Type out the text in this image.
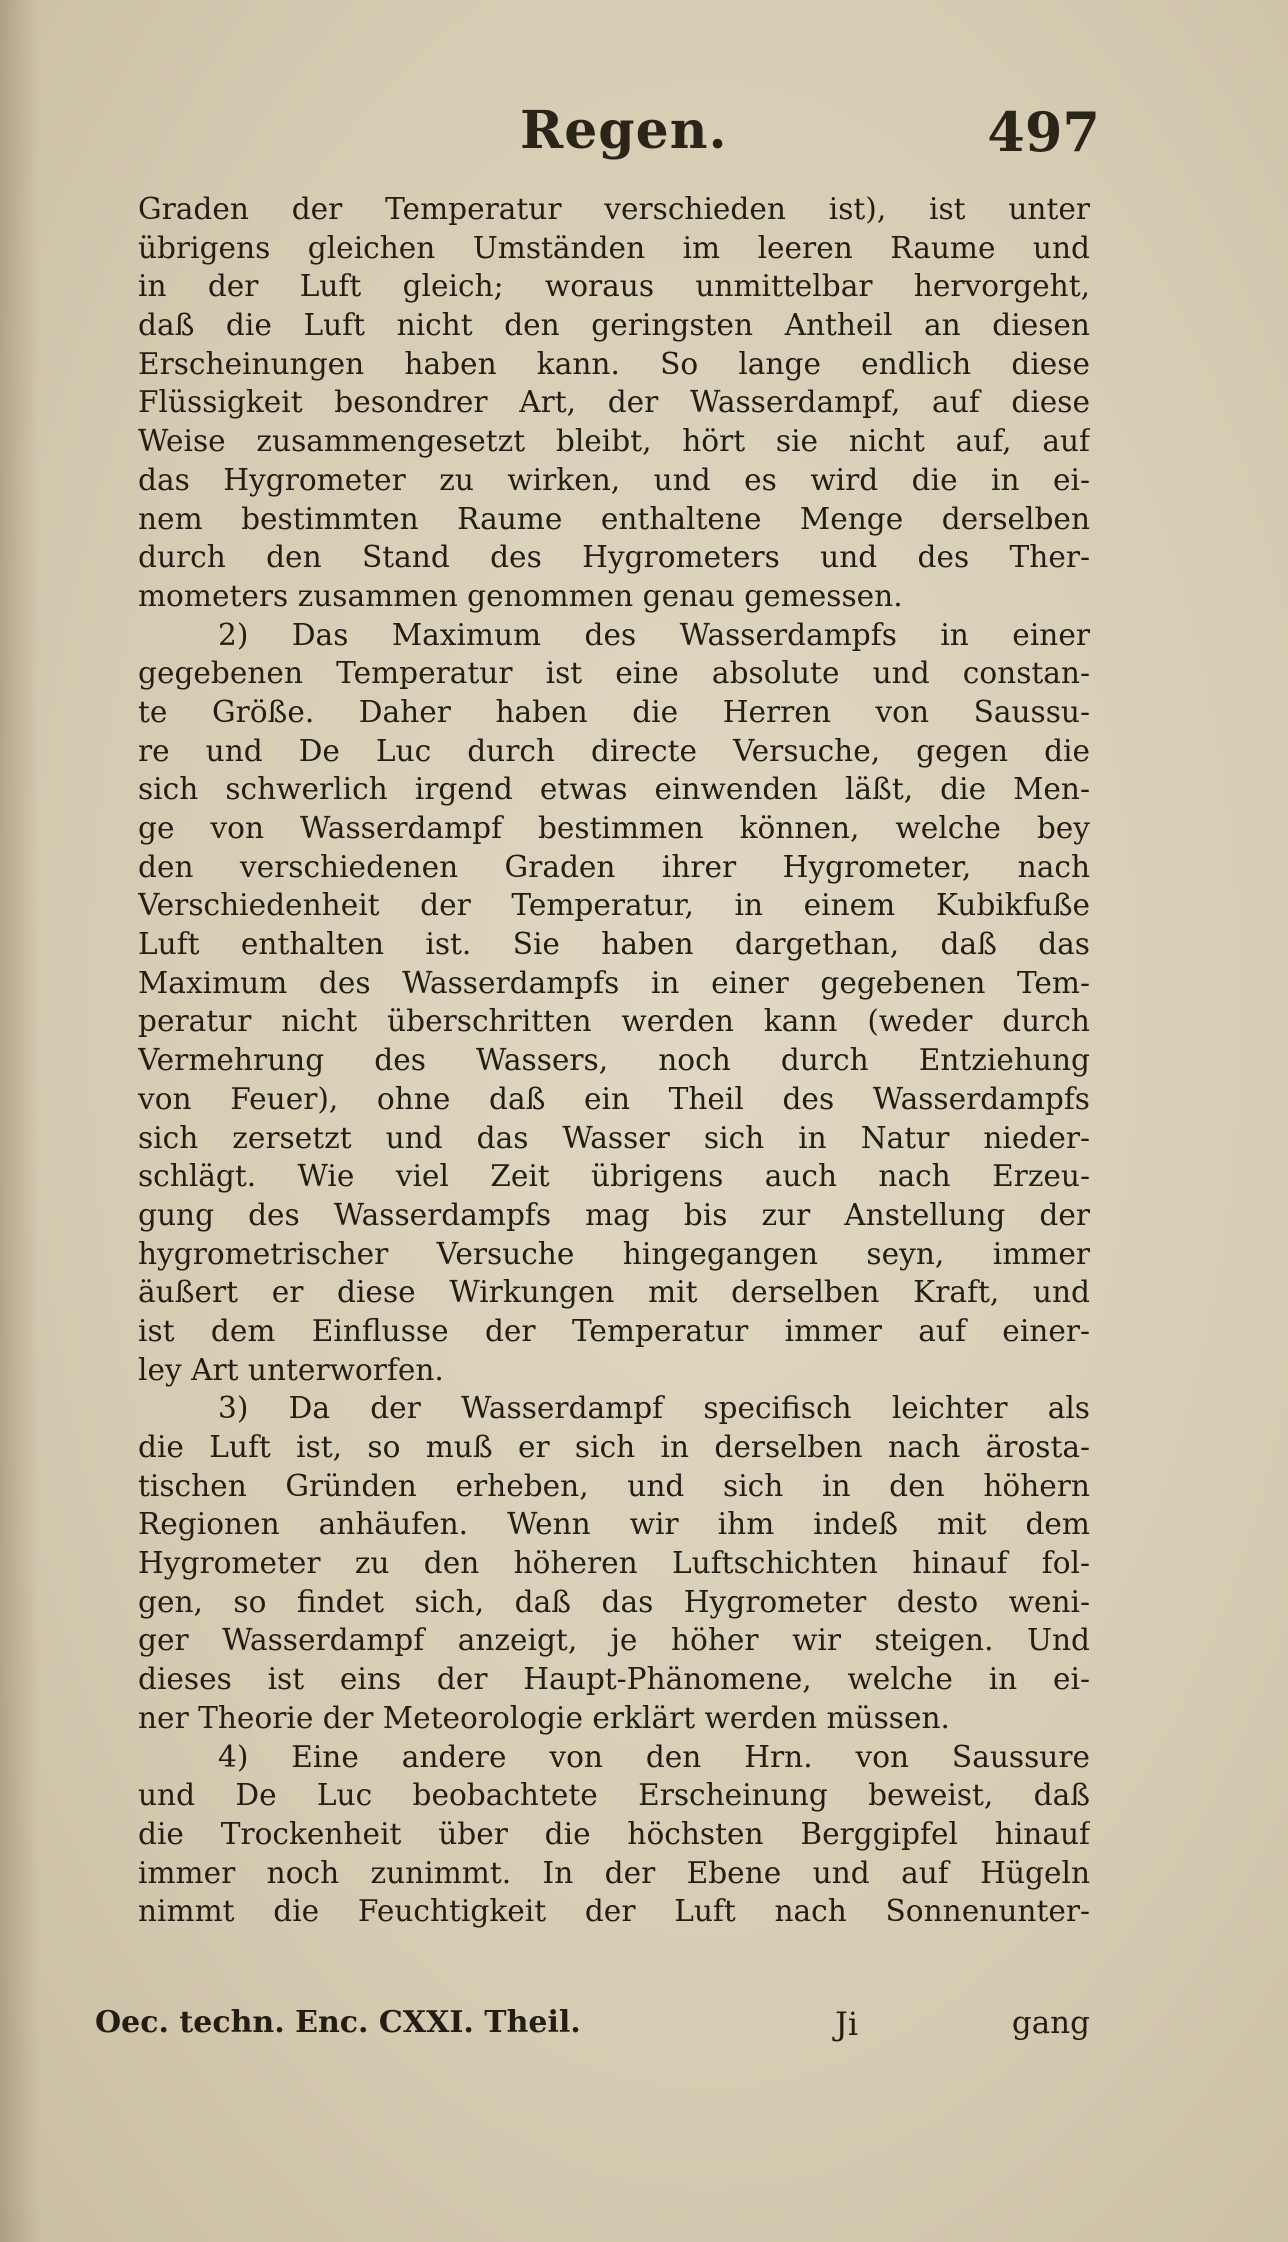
Regen.	497
Graden der Temperatur verschieden ist), ist unter
übrigens gleichen Umständen im leeren Raume und
in der Luft gleich; woraus unmittelbar hervorgeht,
daß die Luft nicht den geringsten Antheil an diesen
Erscheinungen haben kann. So lange endlich diese
Flüssigkeit besondrer Art, der Wasserdampf, auf diese
Weise zusammengesetzt bleibt, hört sie nicht auf, auf
das Hygrometer zu wirken, und es wird die in ei-
nem bestimmten Raume enthaltene Menge derselben
durch den Stand des Hygrometers und des Ther-
mometers zusammen genommen genau gemessen.
2) Das Maximum des Wasserdampfs in einer
gegebenen Temperatur ist eine absolute und constan-
te Größe. Daher haben die Herren von Saussu-
re und De Luc durch directe Versuche, gegen die
sich schwerlich irgend etwas einwenden läßt, die Men-
ge von Wasserdampf bestimmen können, welche bey
den verschiedenen Graden ihrer Hygrometer, nach
Verschiedenheit der Temperatur, in einem Kubikfuße
Luft enthalten ist. Sie haben dargethan, daß das
Maximum des Wasserdampfs in einer gegebenen Tem-
peratur nicht überschritten werden kann (weder durch
Vermehrung des Wassers, noch durch Entziehung
von Feuer), ohne daß ein Theil des Wasserdampfs
sich zersetzt und das Wasser sich in Natur nieder-
schlägt. Wie viel Zeit übrigens auch nach Erzeu-
gung des Wasserdampfs mag bis zur Anstellung der
hygrometrischer Versuche hingegangen seyn, immer
äußert er diese Wirkungen mit derselben Kraft, und
ist dem Einflusse der Temperatur immer auf einer-
ley Art unterworfen.
3) Da der Wasserdampf specifisch leichter als
die Luft ist, so muß er sich in derselben nach ärosta-
tischen Gründen erheben, und sich in den höhern
Regionen anhäufen. Wenn wir ihm indeß mit dem
Hygrometer zu den höheren Luftschichten hinauf fol-
gen, so findet sich, daß das Hygrometer desto weni-
ger Wasserdampf anzeigt, je höher wir steigen. Und
dieses ist eins der Haupt-Phänomene, welche in ei-
ner Theorie der Meteorologie erklärt werden müssen.
4) Eine andere von den Hrn. von Saussure
und De Luc beobachtete Erscheinung beweist, daß
die Trockenheit über die höchsten Berggipfel hinauf
immer noch zunimmt. In der Ebene und auf Hügeln
nimmt die Feuchtigkeit der Luft nach Sonnenunter-
Oec. techn. Enc. CXXI. Theil.	Ji	gang
